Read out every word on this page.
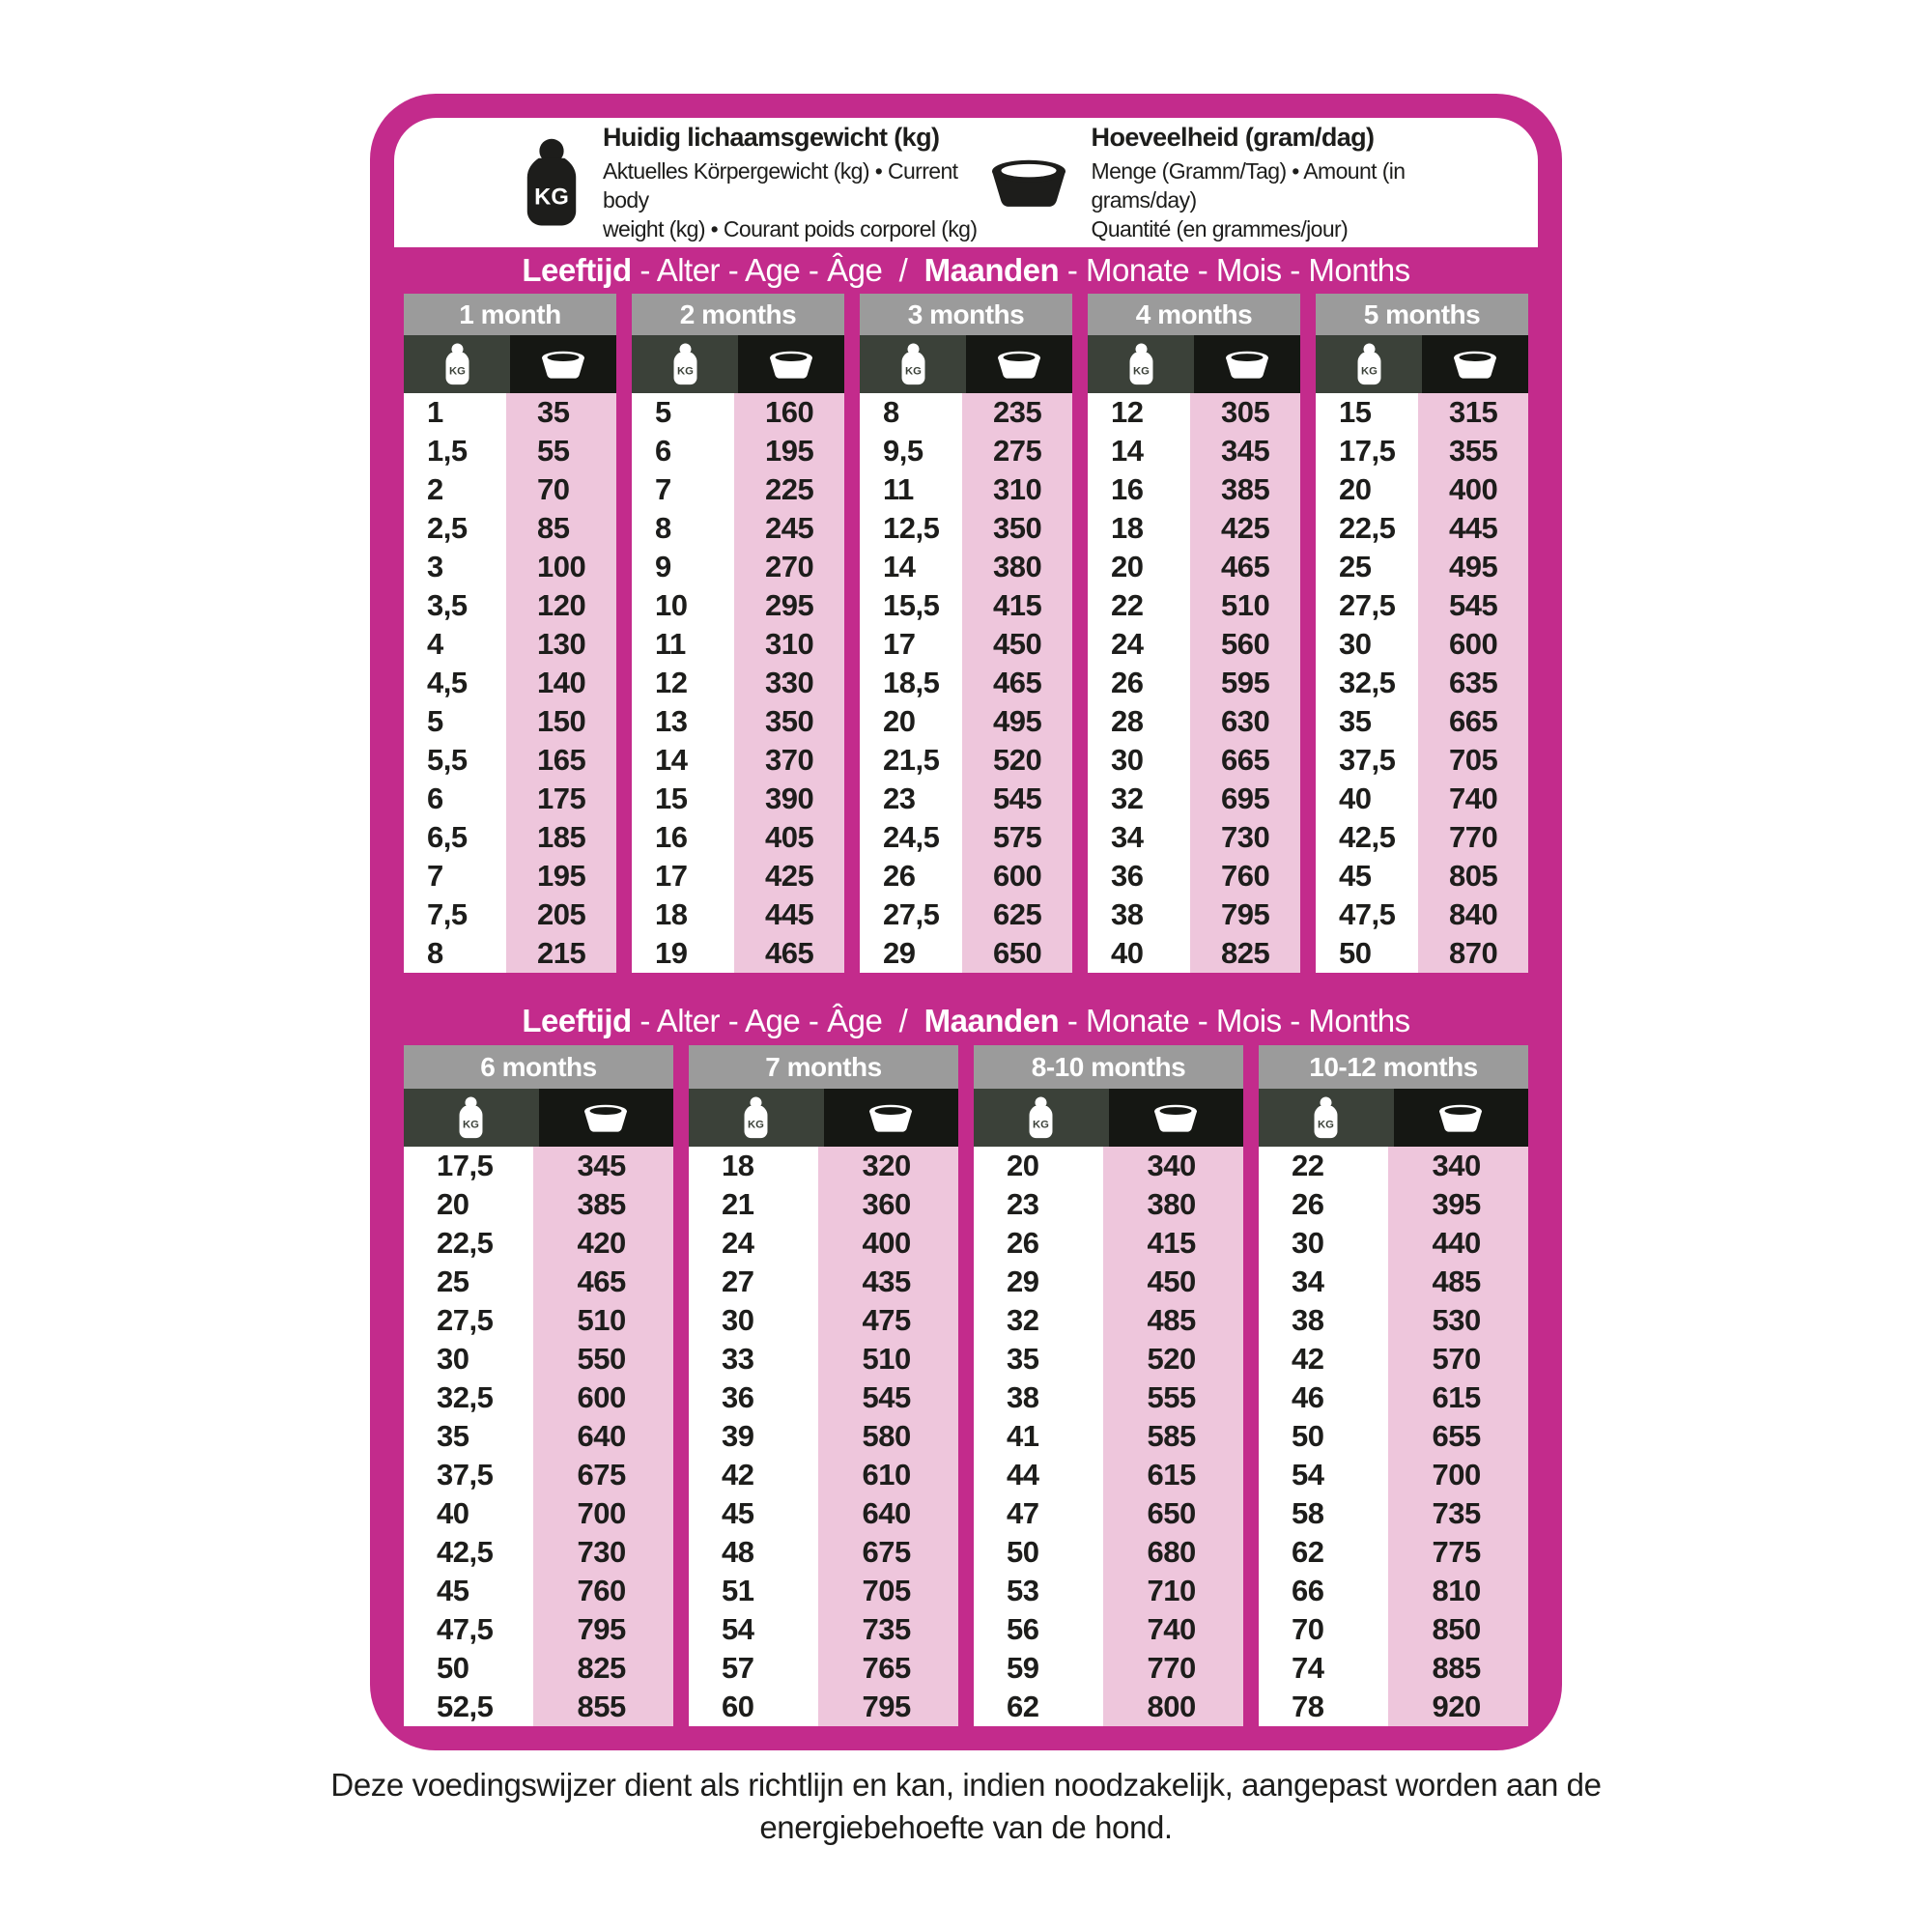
KG
Huidig lichaamsgewicht (kg)
Aktuelles Körpergewicht (kg) • Current body
weight (kg) • Courant poids corporel (kg)
Hoeveelheid (gram/dag)
Menge (Gramm/Tag) • Amount (in grams/day)
Quantité (en grammes/jour)
Leeftijd - Alter - Age - Âge  / Maanden - Monate - Mois - Months
1 month
KG
1	35
1,5	55
2	70
2,5	85
3	100
3,5	120
4	130
4,5	140
5	150
5,5	165
6	175
6,5	185
7	195
7,5	205
8	215
2 months
KG
5	160
6	195
7	225
8	245
9	270
10	295
11	310
12	330
13	350
14	370
15	390
16	405
17	425
18	445
19	465
3 months
KG
8	235
9,5	275
11	310
12,5	350
14	380
15,5	415
17	450
18,5	465
20	495
21,5	520
23	545
24,5	575
26	600
27,5	625
29	650
4 months
KG
12	305
14	345
16	385
18	425
20	465
22	510
24	560
26	595
28	630
30	665
32	695
34	730
36	760
38	795
40	825
5 months
KG
15	315
17,5	355
20	400
22,5	445
25	495
27,5	545
30	600
32,5	635
35	665
37,5	705
40	740
42,5	770
45	805
47,5	840
50	870
Leeftijd - Alter - Age - Âge  / Maanden - Monate - Mois - Months
6 months
KG
17,5	345
20	385
22,5	420
25	465
27,5	510
30	550
32,5	600
35	640
37,5	675
40	700
42,5	730
45	760
47,5	795
50	825
52,5	855
7 months
KG
18	320
21	360
24	400
27	435
30	475
33	510
36	545
39	580
42	610
45	640
48	675
51	705
54	735
57	765
60	795
8-10 months
KG
20	340
23	380
26	415
29	450
32	485
35	520
38	555
41	585
44	615
47	650
50	680
53	710
56	740
59	770
62	800
10-12 months
KG
22	340
26	395
30	440
34	485
38	530
42	570
46	615
50	655
54	700
58	735
62	775
66	810
70	850
74	885
78	920
Deze voedingswijzer dient als richtlijn en kan, indien noodzakelijk, aangepast worden aan de
energiebehoefte van de hond.
